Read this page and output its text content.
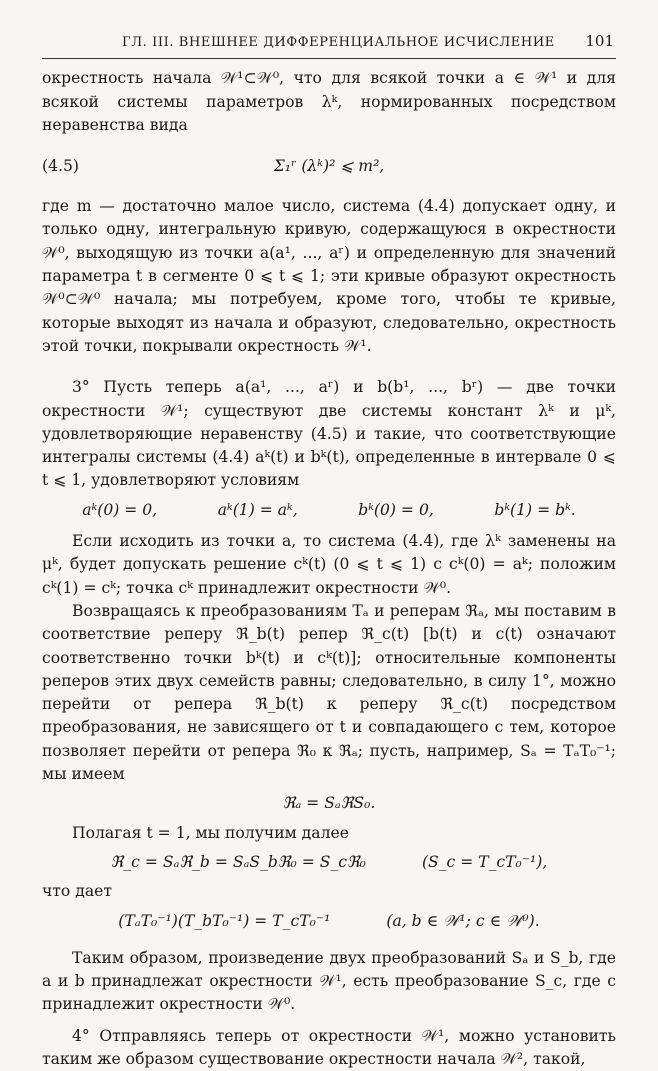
ГЛ. III. ВНЕШНЕЕ ДИФФЕРЕНЦИАЛЬНОЕ ИСЧИСЛЕНИЕ 101

окрестность начала 𝒲¹⊂𝒲⁰, что для всякой точки a ∈ 𝒲¹ и для всякой системы параметров λᵏ, нормированных посредством неравенства вида

(4.5)	Σ₁ʳ (λᵏ)² ⩽ m²,

где m — достаточно малое число, система (4.4) допускает одну, и только одну, интегральную кривую, содержащуюся в окрестности 𝒲⁰, выходящую из точки a(a¹, ..., aʳ) и определенную для значений параметра t в сегменте 0 ⩽ t ⩽ 1; эти кривые образуют окрестность 𝒲⁰⊂𝒲⁰ начала; мы потребуем, кроме того, чтобы те кривые, которые выходят из начала и образуют, следовательно, окрестность этой точки, покрывали окрестность 𝒲¹.

3° Пусть теперь a(a¹, ..., aʳ) и b(b¹, ..., bʳ) — две точки окрестности 𝒲¹; существуют две системы констант λᵏ и μᵏ, удовлетворяющие неравенству (4.5) и такие, что соответствующие интегралы системы (4.4) aᵏ(t) и bᵏ(t), определенные в интервале 0 ⩽ t ⩽ 1, удовлетворяют условиям

aᵏ(0) = 0,	aᵏ(1) = aᵏ,	bᵏ(0) = 0,	bᵏ(1) = bᵏ.

Если исходить из точки a, то система (4.4), где λᵏ заменены на μᵏ, будет допускать решение cᵏ(t) (0 ⩽ t ⩽ 1) с cᵏ(0) = aᵏ; положим cᵏ(1) = cᵏ; точка cᵏ принадлежит окрестности 𝒲⁰.

Возвращаясь к преобразованиям Tₐ и реперам ℜₐ, мы поставим в соответствие реперу ℜ_b(t) репер ℜ_c(t) [b(t) и c(t) означают соответственно точки bᵏ(t) и cᵏ(t)]; относительные компоненты реперов этих двух семейств равны; следовательно, в силу 1°, можно перейти от репера ℜ_b(t) к реперу ℜ_c(t) посредством преобразования, не зависящего от t и совпадающего с тем, которое позволяет перейти от репера ℜ₀ к ℜₐ; пусть, например, Sₐ = TₐT₀⁻¹; мы имеем

ℜₐ = SₐℜS₀.

Полагая t = 1, мы получим далее

ℜ_c = Sₐℜ_b = SₐS_bℜ₀ = S_cℜ₀	(S_c = T_cT₀⁻¹),

что дает

(TₐT₀⁻¹)(T_bT₀⁻¹) = T_cT₀⁻¹	(a, b ∈ 𝒲¹; c ∈ 𝒲⁰).

Таким образом, произведение двух преобразований Sₐ и S_b, где a и b принадлежат окрестности 𝒲¹, есть преобразование S_c, где c принадлежит окрестности 𝒲⁰.

4° Отправляясь теперь от окрестности 𝒲¹, можно установить таким же образом существование окрестности начала 𝒲², такой,
